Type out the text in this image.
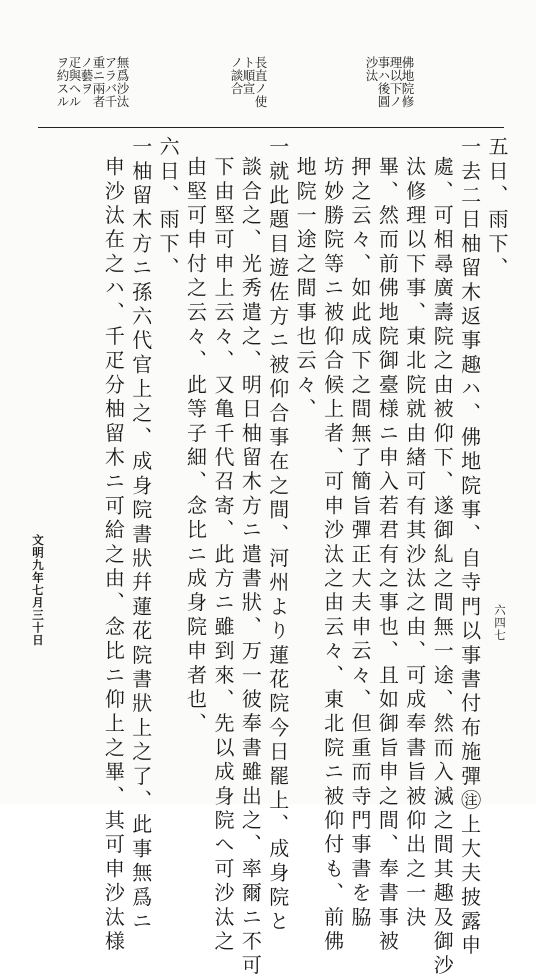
佛地院修
理以下ノ
事ハ後圓
沙汰
長直ノ使
ト順宣
ノ談合
無爲沙汰
アラバ千
重ニ兩者
ノ藝ヲ
疋與ヘル
ヲ約スル
五日、雨下、
一去二日柚留木返事趣ハ、佛地院事、自寺門以事書付布施彈㊟上大夫披露申
處、可相尋廣壽院之由被仰下、遂御糺之間無一途、然而入滅之間其趣及御沙
汰修理以下事、東北院就由緖可有其沙汰之由、可成奉書旨被仰出之一決
畢、然而前佛地院御臺様ニ申入若君有之事也、且如御旨申之間、奉書事被
押之云々、如此成下之間無了簡旨彈正大夫申云々、但重而寺門事書を脇
坊妙勝院等ニ被仰合候上者、可申沙汰之由云々、東北院ニ被仰付も、前佛
地院一途之間事也云々、
一就此題目遊佐方ニ被仰合事在之間、河州より蓮花院今日罷上、成身院と
談合之、光秀遣之、明日柚留木方ニ遣書狀、万一彼奉書雖出之、率爾ニ不可
下由堅可申上云々、又亀千代召寄、此方ニ雖到來、先以成身院へ可沙汰之
由堅可申付之云々、此等子細、念比ニ成身院申者也、
六日、雨下、
一柚留木方ニ孫六代官上之、成身院書狀幷蓮花院書狀上之了、此事無爲ニ
申沙汰在之ハ、千疋分柚留木ニ可給之由、念比ニ仰上之畢、其可申沙汰様
文明九年七月三十日	六四七
